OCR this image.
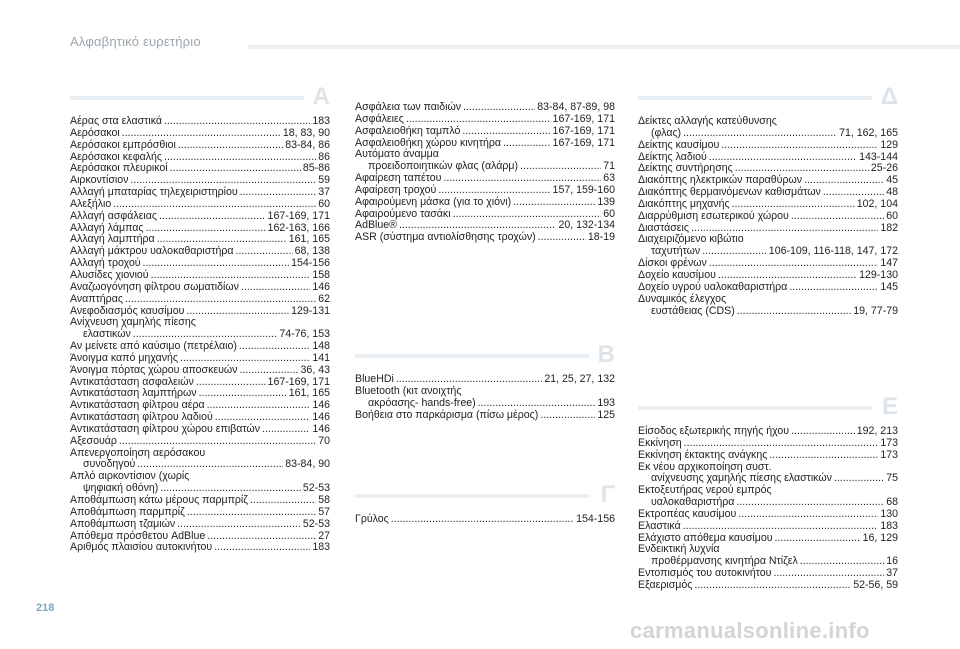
Αλφαβητικό ευρετήριο
A
Αέρας στα ελαστικά .....	183
Αερόσακοι .....	18, 83, 90
Αερόσακοι εμπρόσθιοι .....	83-84, 86
Αερόσακοι κεφαλής .....	86
Αερόσακοι πλευρικοί .....	85-86
Αιρκοντίσιον .....	59
Αλλαγή μπαταρίας τηλεχειριστηρίου .....	37
Αλεξήλιο .....	60
Αλλαγή ασφάλειας .....	167-169, 171
Αλλαγή λάμπας .....	162-163, 166
Αλλαγή λαμπτήρα .....	161, 165
Αλλαγή μάκτρου υαλοκαθαριστήρα .....	68, 138
Αλλαγή τροχού .....	154-156
Αλυσίδες χιονιού .....	158
Αναζωογόνηση φίλτρου σωματιδίων .....	146
Αναπτήρας .....	62
Ανεφοδιασμός καυσίμου .....	129-131
Ανίχνευση χαμηλής πίεσης
ελαστικών .....	74-76, 153
Αν μείνετε από καύσιμο (πετρέλαιο) .....	148
Άνοιγμα καπό μηχανής .....	141
Άνοιγμα πόρτας χώρου αποσκευών .....	36, 43
Αντικατάσταση ασφαλειών .....	167-169, 171
Αντικατάσταση λαμπτήρων .....	161, 165
Αντικατάσταση φίλτρου αέρα .....	146
Αντικατάσταση φίλτρου λαδιού .....	146
Αντικατάσταση φίλτρου χώρου επιβατών .....	146
Αξεσουάρ .....	70
Απενεργοποίηση αερόσακου
συνοδηγού .....	83-84, 90
Απλό αιρκοντίσιον (χωρίς
ψηφιακή οθόνη) .....	52-53
Αποθάμπωση κάτω μέρους παρμπρίζ .....	58
Αποθάμπωση παρμπρίζ .....	57
Αποθάμπωση τζαμιών .....	52-53
Απόθεμα πρόσθετου AdBlue .....	27
Αριθμός πλαισίου αυτοκινήτου .....	183
Ασφάλεια των παιδιών .....	83-84, 87-89, 98
Ασφάλειες .....	167-169, 171
Ασφαλειοθήκη ταμπλό .....	167-169, 171
Ασφαλειοθήκη χώρου κινητήρα .....	167-169, 171
Αυτόματο άναμμα
προειδοποιητικών φλας (αλάρμ) .....	71
Αφαίρεση ταπέτου .....	63
Αφαίρεση τροχού .....	157, 159-160
Αφαιρούμενη μάσκα (για το χιόνι) .....	139
Αφαιρούμενο τασάκι .....	60
AdBlue® .....	20, 132-134
ASR (σύστημα αντιολίσθησης τροχών) .....	18-19
B
BlueHDi .....	21, 25, 27, 132
Bluetooth (κιτ ανοιχτής
ακρόασης- hands-free) .....	193
Βοήθεια στο παρκάρισμα (πίσω μέρος) .....	125
Γ
Γρύλος .....	154-156
Δ
Δείκτες αλλαγής κατεύθυνσης
(φλας) .....	71, 162, 165
Δείκτης καυσίμου .....	129
Δείκτης λαδιού .....	143-144
Δείκτης συντήρησης .....	25-26
Διακόπτης ηλεκτρικών παραθύρων .....	45
Διακόπτης θερμαινόμενων καθισμάτων .....	48
Διακόπτης μηχανής .....	102, 104
Διαρρύθμιση εσωτερικού χώρου .....	60
Διαστάσεις .....	182
Διαχειριζόμενο κιβώτιο
ταχυτήτων .....	106-109, 116-118, 147, 172
Δίσκοι φρένων .....	147
Δοχείο καυσίμου .....	129-130
Δοχείο υγρού υαλοκαθαριστήρα .....	145
Δυναμικός έλεγχος
ευστάθειας (CDS) .....	19, 77-79
Ε
Είσοδος εξωτερικής πηγής ήχου .....	192, 213
Εκκίνηση .....	173
Εκκίνηση έκτακτης ανάγκης .....	173
Εκ νέου αρχικοποίηση συστ.
ανίχνευσης χαμηλής πίεσης ελαστικών .....	75
Εκτοξευτήρας νερού εμπρός
υαλοκαθαριστήρα .....	68
Εκτροπέας καυσίμου .....	130
Ελαστικά .....	183
Ελάχιστο απόθεμα καυσίμου .....	16, 129
Ενδεικτική λυχνία
προθέρμανσης κινητήρα Ντίζελ .....	16
Εντοπισμός του αυτοκινήτου .....	37
Εξαερισμός .....	52-56, 59
218
carmanualsonline.info
